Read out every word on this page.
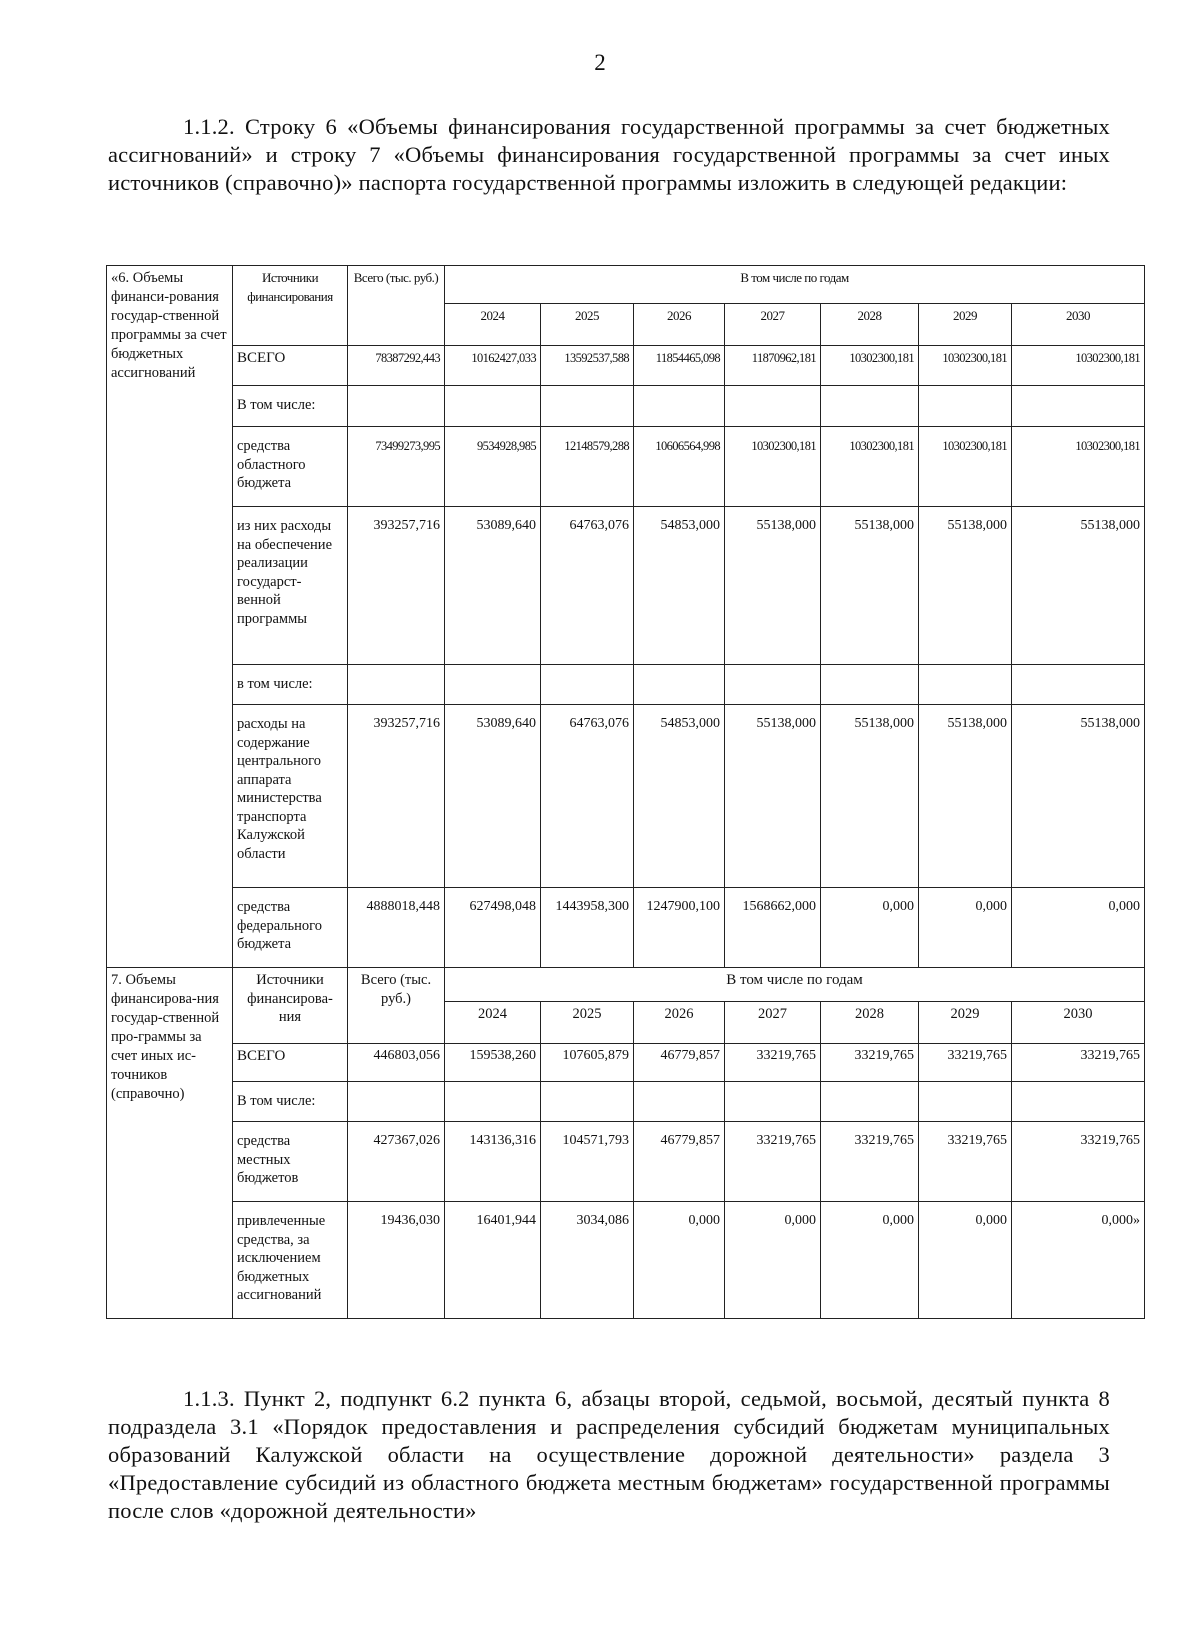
2
1.1.2. Строку 6 «Объемы финансирования государственной программы за счет бюджетных ассигнований» и строку 7 «Объемы финансирования государственной программы за счет иных источников (справочно)» паспорта государственной программы изложить в следующей редакции:
«6. Объемы финанси-рования государ-ственной программы за счет бюджетных ассигнований	Источники финансирования	Всего (тыс. руб.)	В том числе по годам						
			2024	2025	2026	2027	2028	2029	2030
	ВСЕГО	78387292,443	10162427,033	13592537,588	11854465,098	11870962,181	10302300,181	10302300,181	10302300,181
	В том числе:								
	средства областного бюджета	73499273,995	9534928,985	12148579,288	10606564,998	10302300,181	10302300,181	10302300,181	10302300,181
	из них расходы на обеспечение реализации государст-венной программы	393257,716	53089,640	64763,076	54853,000	55138,000	55138,000	55138,000	55138,000
	в том числе:								
	расходы на содержание центрального аппарата министерства транспорта Калужской области	393257,716	53089,640	64763,076	54853,000	55138,000	55138,000	55138,000	55138,000
	средства федерального бюджета	4888018,448	627498,048	1443958,300	1247900,100	1568662,000	0,000	0,000	0,000
7. Объемы финансирова-ния государ-ственной про-граммы за счет иных ис-точников (справочно)	Источники финансирова-ния	Всего (тыс. руб.)	В том числе по годам						
			2024	2025	2026	2027	2028	2029	2030
	ВСЕГО	446803,056	159538,260	107605,879	46779,857	33219,765	33219,765	33219,765	33219,765
	В том числе:								
	средства местных бюджетов	427367,026	143136,316	104571,793	46779,857	33219,765	33219,765	33219,765	33219,765
	привлеченные средства, за исключением бюджетных ассигнований	19436,030	16401,944	3034,086	0,000	0,000	0,000	0,000	0,000»
1.1.3. Пункт 2, подпункт 6.2 пункта 6, абзацы второй, седьмой, восьмой, десятый пункта 8 подраздела 3.1 «Порядок предоставления и распределения субсидий бюджетам муниципальных образований Калужской области на осуществление дорожной деятельности» раздела 3 «Предоставление субсидий из областного бюджета местным бюджетам» государственной программы после слов «дорожной деятельности»
